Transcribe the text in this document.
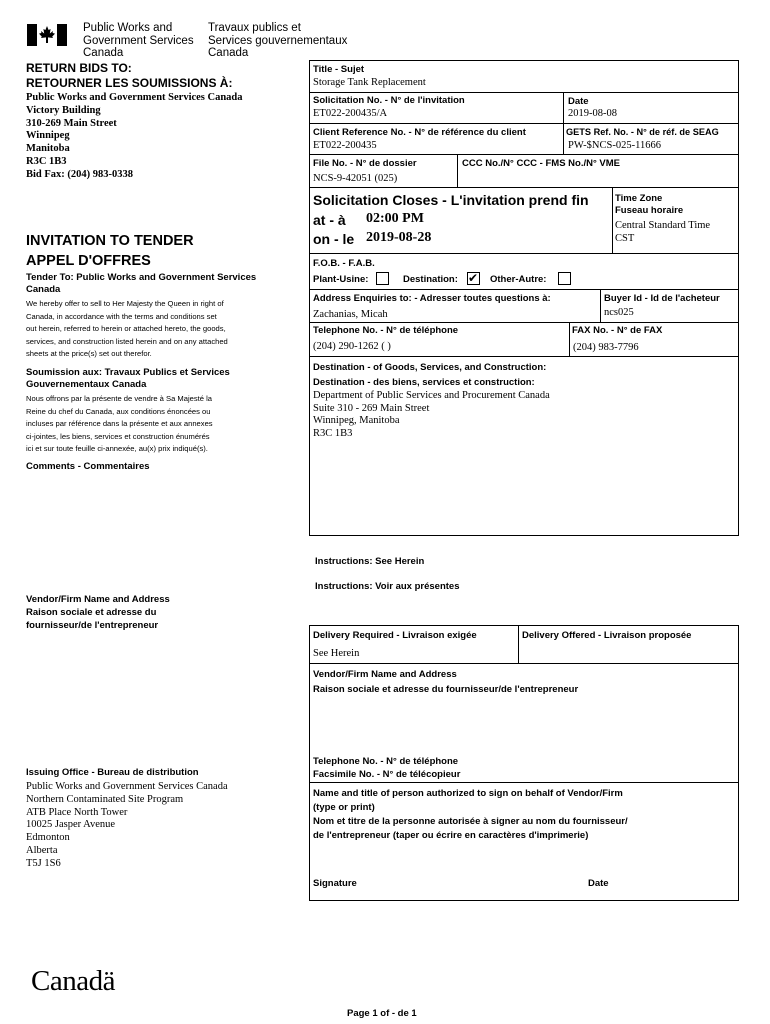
Public Works and
Government Services
Canada
Travaux publics et
Services gouvernementaux
Canada
RETURN BIDS TO:
RETOURNER LES SOUMISSIONS À:
Public Works and Government Services Canada
Victory Building
310-269 Main Street
Winnipeg
Manitoba
R3C 1B3
Bid Fax: (204) 983-0338
INVITATION TO TENDER
APPEL D'OFFRES
Tender To: Public Works and Government Services
Canada
We hereby offer to sell to Her Majesty the Queen in right of
Canada, in accordance with the terms and conditions set
out herein, referred to herein or attached hereto, the goods,
services, and construction listed herein and on any attached
sheets at the price(s) set out therefor.
Soumission aux: Travaux Publics et Services
Gouvernementaux Canada
Nous offrons par la présente de vendre à Sa Majesté la
Reine du chef du Canada, aux conditions énoncées ou
incluses par référence dans la présente et aux annexes
ci-jointes, les biens, services et construction énumérés
ici et sur toute feuille ci-annexée, au(x) prix indiqué(s).
Comments - Commentaires
Title - Sujet
Storage Tank Replacement
Solicitation No. - N° de l'invitation
ET022-200435/A
Date
2019-08-08
Client Reference No. - N° de référence du client
ET022-200435
GETS Ref. No. - N° de réf. de SEAG
PW-$NCS-025-11666
File No. - N° de dossier
NCS-9-42051 (025)
CCC No./N° CCC - FMS No./N° VME
Solicitation Closes - L'invitation prend fin
at - à 02:00 PM
on - le 2019-08-28
Time Zone
Fuseau horaire
Central Standard Time
CST
F.O.B. - F.A.B.
Plant-Usine:	Destination: ✔ Other-Autre:
Address Enquiries to: - Adresser toutes questions à:
Zachanias, Micah
Buyer Id - Id de l'acheteur
ncs025
Telephone No. - N° de téléphone
(204) 290-1262 ( )
FAX No. - N° de FAX
(204) 983-7796
Destination - of Goods, Services, and Construction:
Destination - des biens, services et construction:
Department of Public Services and Procurement Canada
Suite 310 - 269 Main Street
Winnipeg, Manitoba
R3C 1B3
Instructions: See Herein
Instructions: Voir aux présentes
Vendor/Firm Name and Address
Raison sociale et adresse du
fournisseur/de l'entrepreneur
Delivery Required - Livraison exigée
See Herein
Delivery Offered - Livraison proposée
Vendor/Firm Name and Address
Raison sociale et adresse du fournisseur/de l'entrepreneur
Telephone No. - N° de téléphone
Facsimile No. - N° de télécopieur
Name and title of person authorized to sign on behalf of Vendor/Firm
(type or print)
Nom et titre de la personne autorisée à signer au nom du fournisseur/
de l'entrepreneur (taper ou écrire en caractères d'imprimerie)
Signature	Date
Issuing Office - Bureau de distribution
Public Works and Government Services Canada
Northern Contaminated Site Program
ATB Place North Tower
10025 Jasper Avenue
Edmonton
Alberta
T5J 1S6
Canadä
Page 1 of - de 1
